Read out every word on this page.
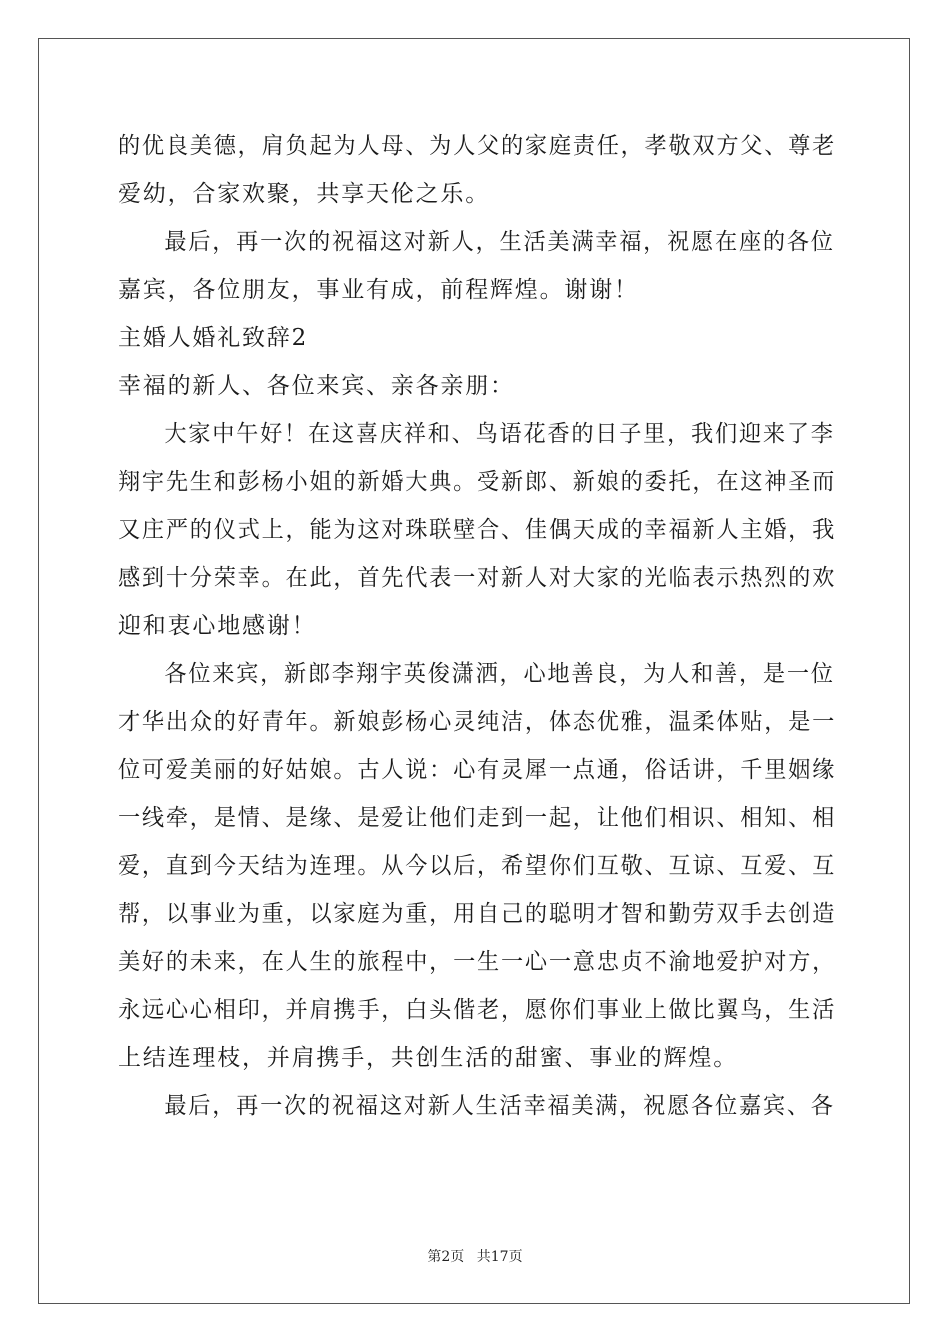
的优良美德，肩负起为人母、为人父的家庭责任，孝敬双方父、尊老
爱幼，合家欢聚，共享天伦之乐。
最后，再一次的祝福这对新人，生活美满幸福，祝愿在座的各位
嘉宾，各位朋友，事业有成，前程辉煌。谢谢！
主婚人婚礼致辞2
幸福的新人、各位来宾、亲各亲朋：
大家中午好！在这喜庆祥和、鸟语花香的日子里，我们迎来了李
翔宇先生和彭杨小姐的新婚大典。受新郎、新娘的委托，在这神圣而
又庄严的仪式上，能为这对珠联壁合、佳偶天成的幸福新人主婚，我
感到十分荣幸。在此，首先代表一对新人对大家的光临表示热烈的欢
迎和衷心地感谢！
各位来宾，新郎李翔宇英俊潇洒，心地善良，为人和善，是一位
才华出众的好青年。新娘彭杨心灵纯洁，体态优雅，温柔体贴，是一
位可爱美丽的好姑娘。古人说：心有灵犀一点通，俗话讲，千里姻缘
一线牵，是情、是缘、是爱让他们走到一起，让他们相识、相知、相
爱，直到今天结为连理。从今以后，希望你们互敬、互谅、互爱、互
帮，以事业为重，以家庭为重，用自己的聪明才智和勤劳双手去创造
美好的未来，在人生的旅程中，一生一心一意忠贞不渝地爱护对方，
永远心心相印，并肩携手，白头偕老，愿你们事业上做比翼鸟，生活
上结连理枝，并肩携手，共创生活的甜蜜、事业的辉煌。
最后，再一次的祝福这对新人生活幸福美满，祝愿各位嘉宾、各
第2页 共17页
